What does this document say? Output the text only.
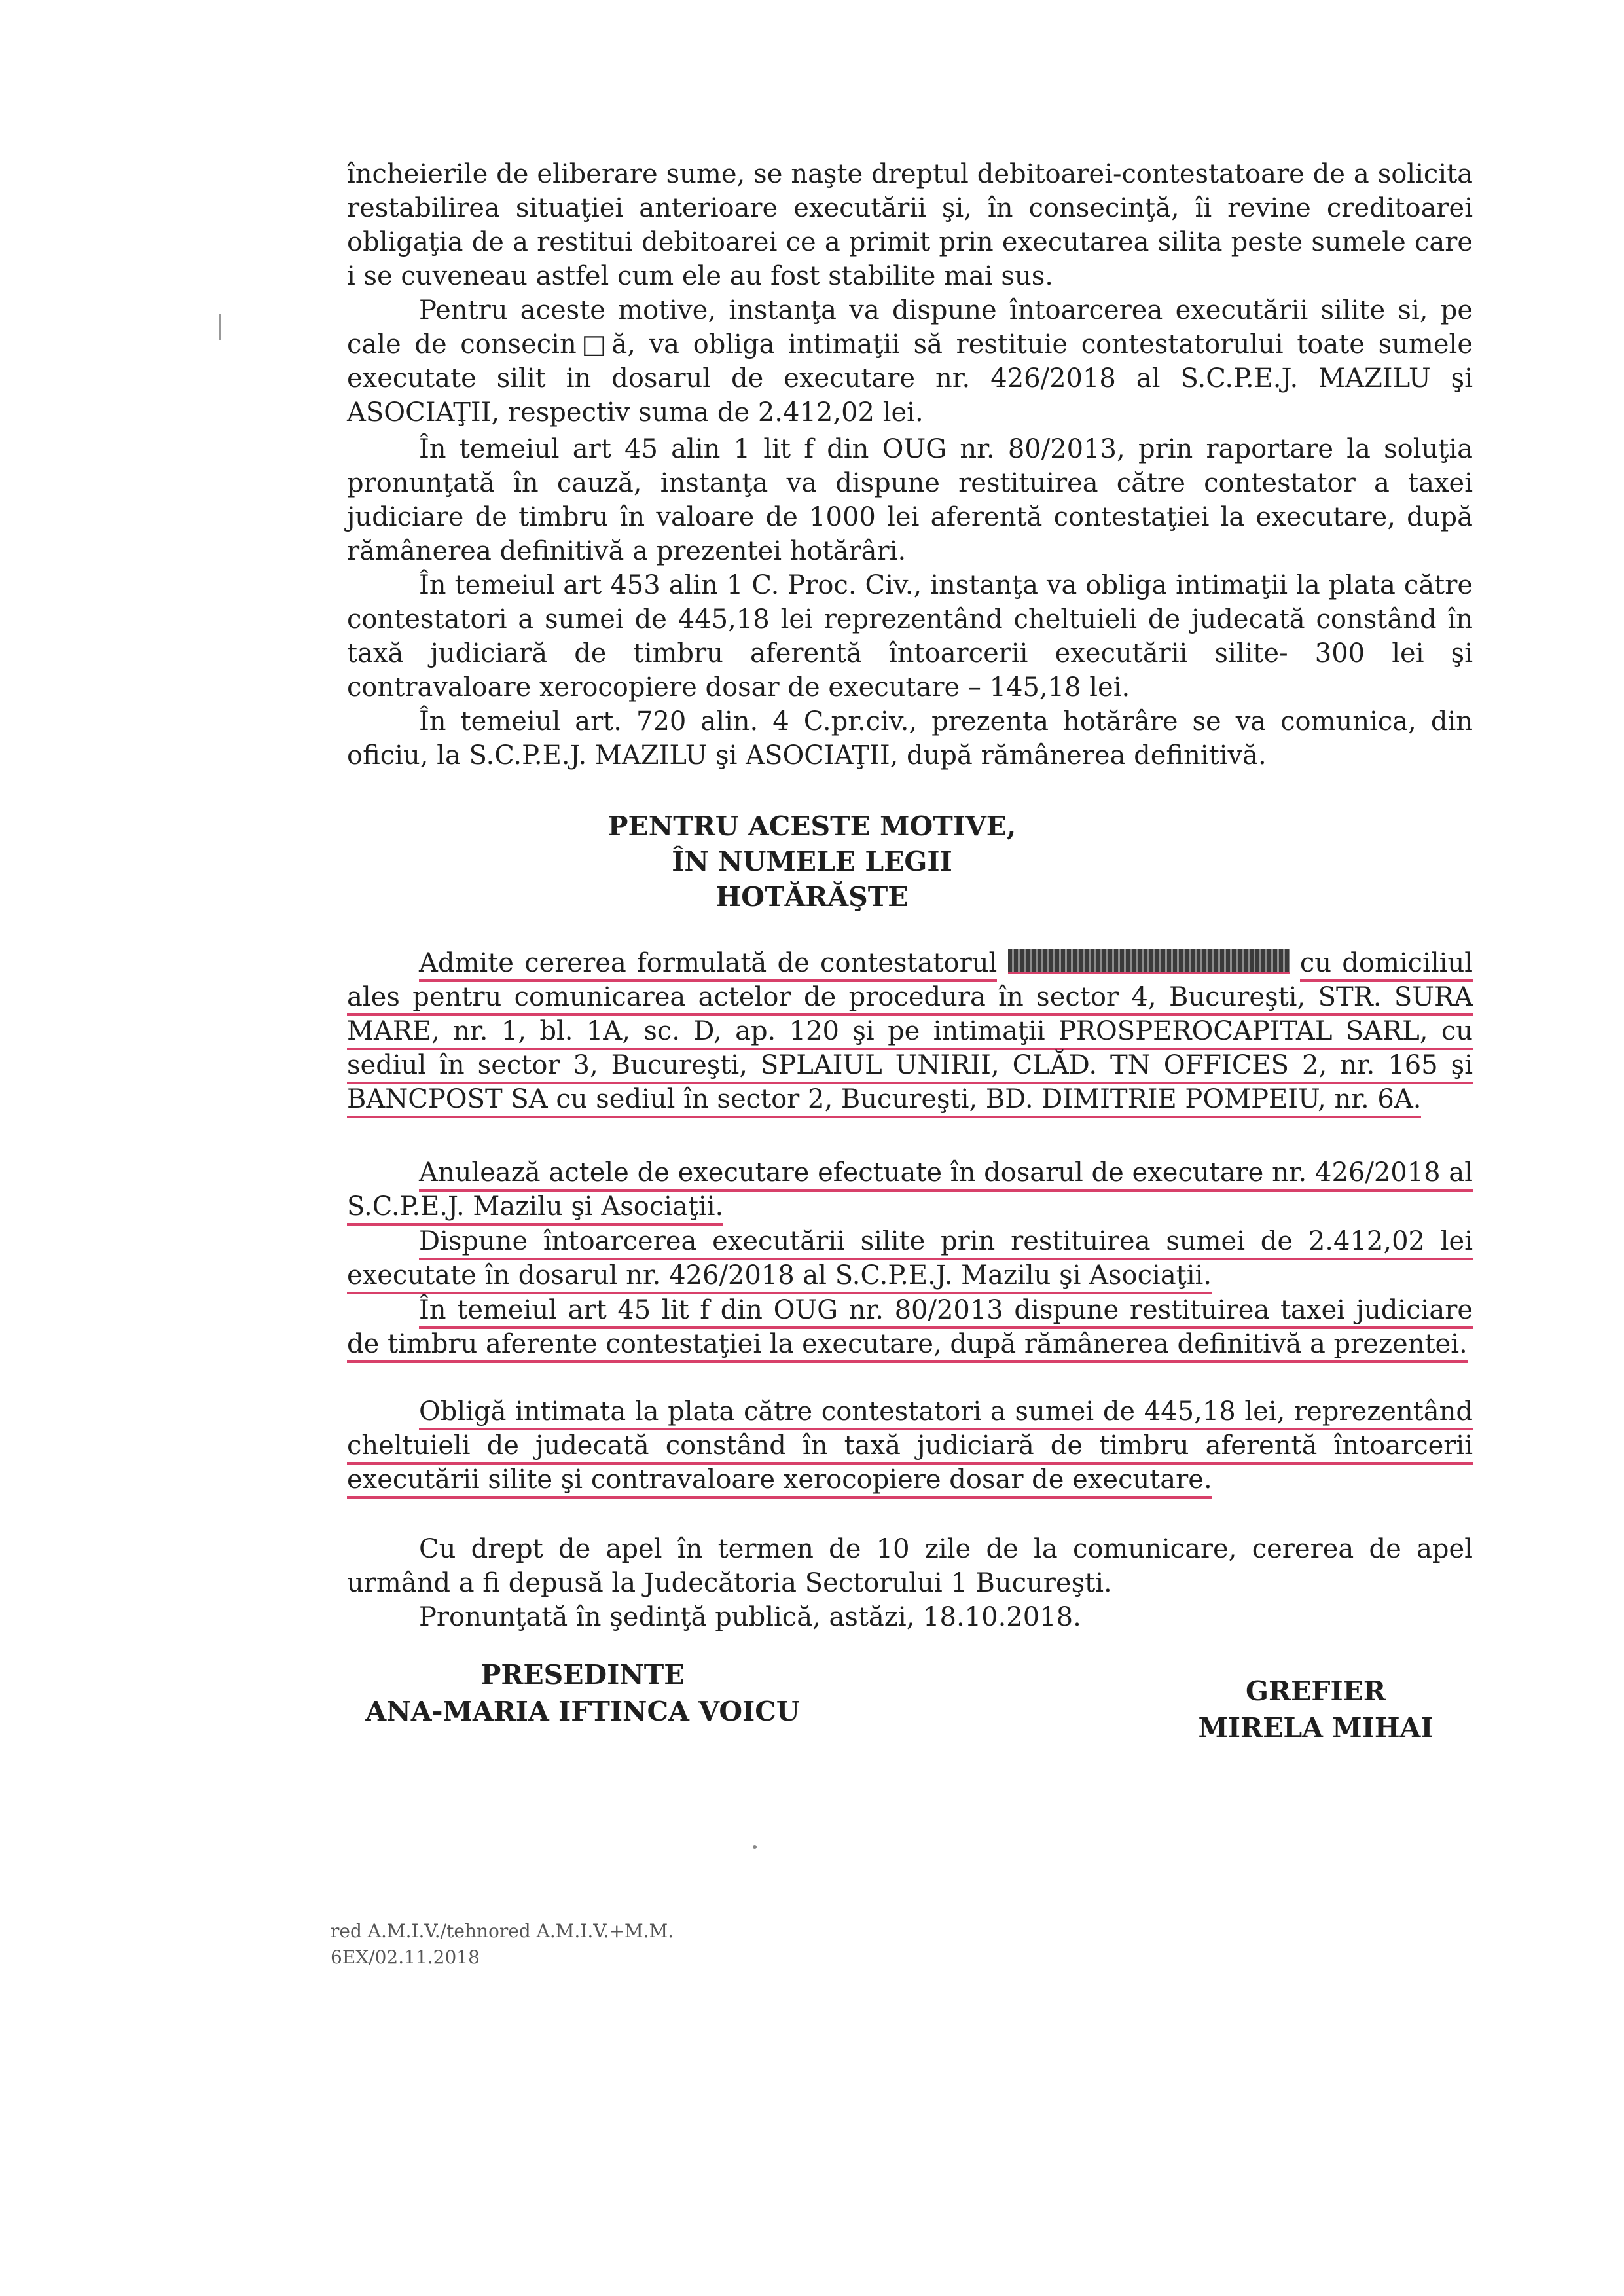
încheierile de eliberare sume, se naşte dreptul debitoarei-contestatoare de a solicita restabilirea situaţiei anterioare executării şi, în consecinţă, îi revine creditoarei obligaţia de a restitui debitoarei ce a primit prin executarea silita peste sumele care i se cuveneau astfel cum ele au fost stabilite mai sus.
Pentru aceste motive, instanţa va dispune întoarcerea executării silite si, pe cale de consecin□ă, va obliga intimaţii să restituie contestatorului toate sumele executate silit in dosarul de executare nr. 426/2018 al S.C.P.E.J. MAZILU şi ASOCIAŢII, respectiv suma de 2.412,02 lei.
În temeiul art 45 alin 1 lit f din OUG nr. 80/2013, prin raportare la soluţia pronunţată în cauză, instanţa va dispune restituirea către contestator a taxei judiciare de timbru în valoare de 1000 lei aferentă contestaţiei la executare, după rămânerea definitivă a prezentei hotărâri.
În temeiul art 453 alin 1 C. Proc. Civ., instanţa va obliga intimaţii la plata către contestatori a sumei de 445,18 lei reprezentând cheltuieli de judecată constând în taxă judiciară de timbru aferentă întoarcerii executării silite- 300 lei şi contravaloare xerocopiere dosar de executare – 145,18 lei.
În temeiul art. 720 alin. 4 C.pr.civ., prezenta hotărâre se va comunica, din oficiu, la S.C.P.E.J. MAZILU şi ASOCIAŢII, după rămânerea definitivă.
PENTRU ACESTE MOTIVE,
ÎN NUMELE LEGII
HOTĂRĂŞTE
Admite cererea formulată de contestatorul	cu domiciliul ales pentru comunicarea actelor de procedura în sector 4, Bucureşti, STR. SURA MARE, nr. 1, bl. 1A, sc. D, ap. 120 şi pe intimaţii PROSPEROCAPITAL SARL, cu sediul în sector 3, Bucureşti, SPLAIUL UNIRII, CLĂD. TN OFFICES 2, nr. 165 şi BANCPOST SA cu sediul în sector 2, Bucureşti, BD. DIMITRIE POMPEIU, nr. 6A.
Anulează actele de executare efectuate în dosarul de executare nr. 426/2018 al S.C.P.E.J. Mazilu şi Asociaţii.
Dispune întoarcerea executării silite prin restituirea sumei de 2.412,02 lei executate în dosarul nr. 426/2018 al S.C.P.E.J. Mazilu şi Asociaţii.
În temeiul art 45 lit f din OUG nr. 80/2013 dispune restituirea taxei judiciare de timbru aferente contestaţiei la executare, după rămânerea definitivă a prezentei.
Obligă intimata la plata către contestatori a sumei de 445,18 lei, reprezentând cheltuieli de judecată constând în taxă judiciară de timbru aferentă întoarcerii executării silite şi contravaloare xerocopiere dosar de executare.
Cu drept de apel în termen de 10 zile de la comunicare, cererea de apel urmând a fi depusă la Judecătoria Sectorului 1 Bucureşti.
Pronunţată în şedinţă publică, astăzi, 18.10.2018.
PRESEDINTE
ANA-MARIA IFTINCA VOICU
GREFIER
MIRELA MIHAI
red A.M.I.V./tehnored A.M.I.V.+M.M.
6EX/02.11.2018
